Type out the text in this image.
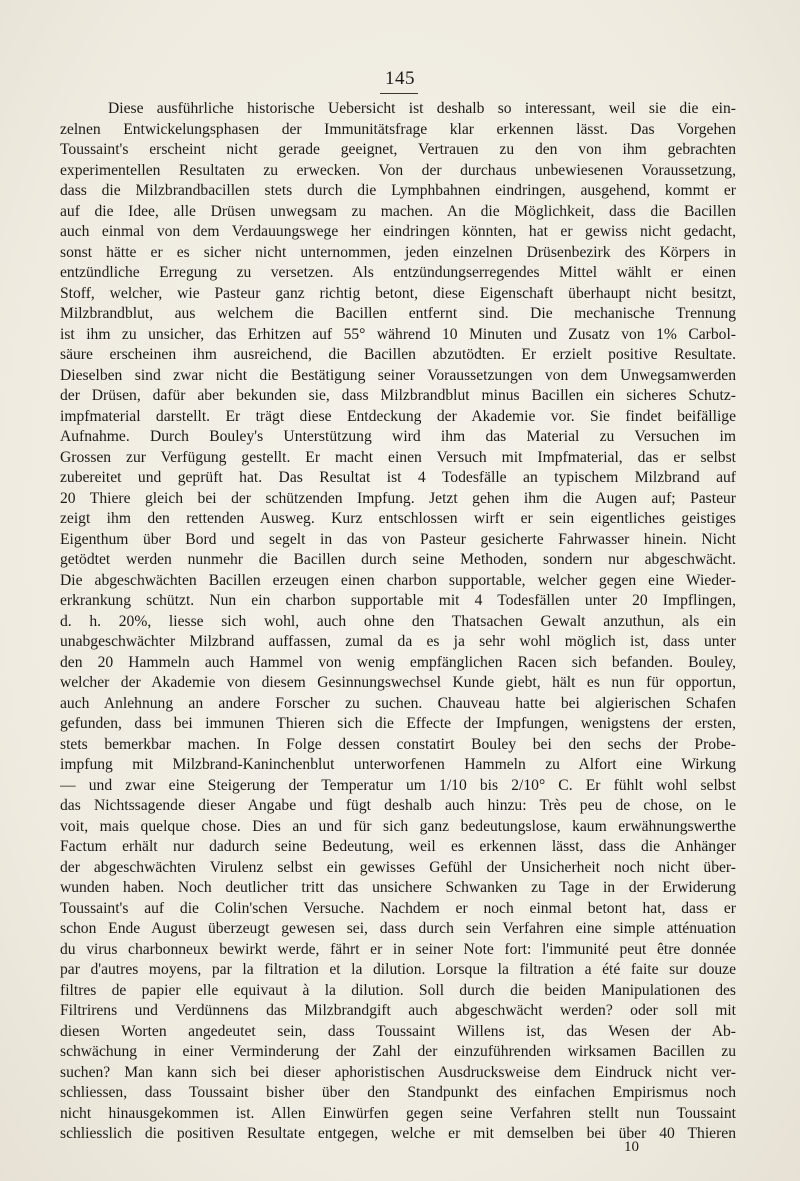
145
Diese ausführliche historische Uebersicht ist deshalb so interessant, weil sie die ein-
zelnen Entwickelungsphasen der Immunitätsfrage klar erkennen lässt. Das Vorgehen
Toussaint's erscheint nicht gerade geeignet, Vertrauen zu den von ihm gebrachten
experimentellen Resultaten zu erwecken. Von der durchaus unbewiesenen Voraussetzung,
dass die Milzbrandbacillen stets durch die Lymphbahnen eindringen, ausgehend, kommt er
auf die Idee, alle Drüsen unwegsam zu machen. An die Möglichkeit, dass die Bacillen
auch einmal von dem Verdauungswege her eindringen könnten, hat er gewiss nicht gedacht,
sonst hätte er es sicher nicht unternommen, jeden einzelnen Drüsenbezirk des Körpers in
entzündliche Erregung zu versetzen. Als entzündungserregendes Mittel wählt er einen
Stoff, welcher, wie Pasteur ganz richtig betont, diese Eigenschaft überhaupt nicht besitzt,
Milzbrandblut, aus welchem die Bacillen entfernt sind. Die mechanische Trennung
ist ihm zu unsicher, das Erhitzen auf 55° während 10 Minuten und Zusatz von 1% Carbol-
säure erscheinen ihm ausreichend, die Bacillen abzutödten. Er erzielt positive Resultate.
Dieselben sind zwar nicht die Bestätigung seiner Voraussetzungen von dem Unwegsamwerden
der Drüsen, dafür aber bekunden sie, dass Milzbrandblut minus Bacillen ein sicheres Schutz-
impfmaterial darstellt. Er trägt diese Entdeckung der Akademie vor. Sie findet beifällige
Aufnahme. Durch Bouley's Unterstützung wird ihm das Material zu Versuchen im
Grossen zur Verfügung gestellt. Er macht einen Versuch mit Impfmaterial, das er selbst
zubereitet und geprüft hat. Das Resultat ist 4 Todesfälle an typischem Milzbrand auf
20 Thiere gleich bei der schützenden Impfung. Jetzt gehen ihm die Augen auf; Pasteur
zeigt ihm den rettenden Ausweg. Kurz entschlossen wirft er sein eigentliches geistiges
Eigenthum über Bord und segelt in das von Pasteur gesicherte Fahrwasser hinein. Nicht
getödtet werden nunmehr die Bacillen durch seine Methoden, sondern nur abgeschwächt.
Die abgeschwächten Bacillen erzeugen einen charbon supportable, welcher gegen eine Wieder-
erkrankung schützt. Nun ein charbon supportable mit 4 Todesfällen unter 20 Impflingen,
d. h. 20%, liesse sich wohl, auch ohne den Thatsachen Gewalt anzuthun, als ein
unabgeschwächter Milzbrand auffassen, zumal da es ja sehr wohl möglich ist, dass unter
den 20 Hammeln auch Hammel von wenig empfänglichen Racen sich befanden. Bouley,
welcher der Akademie von diesem Gesinnungswechsel Kunde giebt, hält es nun für opportun,
auch Anlehnung an andere Forscher zu suchen. Chauveau hatte bei algierischen Schafen
gefunden, dass bei immunen Thieren sich die Effecte der Impfungen, wenigstens der ersten,
stets bemerkbar machen. In Folge dessen constatirt Bouley bei den sechs der Probe-
impfung mit Milzbrand-Kaninchenblut unterworfenen Hammeln zu Alfort eine Wirkung
— und zwar eine Steigerung der Temperatur um 1/10 bis 2/10° C. Er fühlt wohl selbst
das Nichtssagende dieser Angabe und fügt deshalb auch hinzu: Très peu de chose, on le
voit, mais quelque chose. Dies an und für sich ganz bedeutungslose, kaum erwähnungswerthe
Factum erhält nur dadurch seine Bedeutung, weil es erkennen lässt, dass die Anhänger
der abgeschwächten Virulenz selbst ein gewisses Gefühl der Unsicherheit noch nicht über-
wunden haben. Noch deutlicher tritt das unsichere Schwanken zu Tage in der Erwiderung
Toussaint's auf die Colin'schen Versuche. Nachdem er noch einmal betont hat, dass er
schon Ende August überzeugt gewesen sei, dass durch sein Verfahren eine simple atténuation
du virus charbonneux bewirkt werde, fährt er in seiner Note fort: l'immunité peut être donnée
par d'autres moyens, par la filtration et la dilution. Lorsque la filtration a été faite sur douze
filtres de papier elle equivaut à la dilution. Soll durch die beiden Manipulationen des
Filtrirens und Verdünnens das Milzbrandgift auch abgeschwächt werden? oder soll mit
diesen Worten angedeutet sein, dass Toussaint Willens ist, das Wesen der Ab-
schwächung in einer Verminderung der Zahl der einzuführenden wirksamen Bacillen zu
suchen? Man kann sich bei dieser aphoristischen Ausdrucksweise dem Eindruck nicht ver-
schliessen, dass Toussaint bisher über den Standpunkt des einfachen Empirismus noch
nicht hinausgekommen ist. Allen Einwürfen gegen seine Verfahren stellt nun Toussaint
schliesslich die positiven Resultate entgegen, welche er mit demselben bei über 40 Thieren
10
